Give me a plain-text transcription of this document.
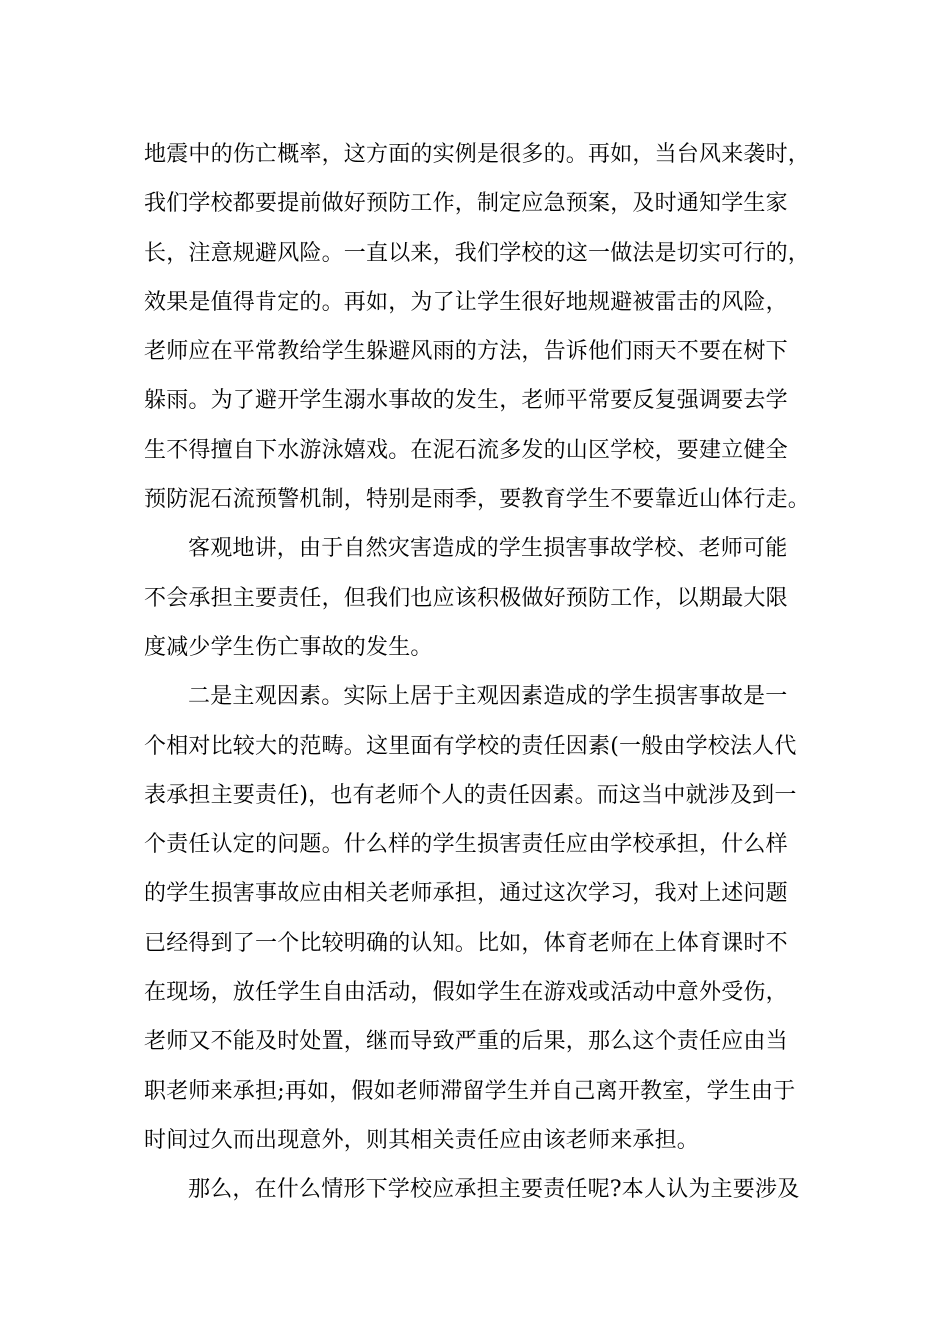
地震中的伤亡概率，这方面的实例是很多的。再如，当台风来袭时，
我们学校都要提前做好预防工作，制定应急预案，及时通知学生家
长，注意规避风险。一直以来，我们学校的这一做法是切实可行的，
效果是值得肯定的。再如，为了让学生很好地规避被雷击的风险，
老师应在平常教给学生躲避风雨的方法，告诉他们雨天不要在树下
躲雨。为了避开学生溺水事故的发生，老师平常要反复强调要去学
生不得擅自下水游泳嬉戏。在泥石流多发的山区学校，要建立健全
预防泥石流预警机制，特别是雨季，要教育学生不要靠近山体行走。
客观地讲，由于自然灾害造成的学生损害事故学校、老师可能
不会承担主要责任，但我们也应该积极做好预防工作，以期最大限
度减少学生伤亡事故的发生。
二是主观因素。实际上居于主观因素造成的学生损害事故是一
个相对比较大的范畴。这里面有学校的责任因素(一般由学校法人代
表承担主要责任)，也有老师个人的责任因素。而这当中就涉及到一
个责任认定的问题。什么样的学生损害责任应由学校承担，什么样
的学生损害事故应由相关老师承担，通过这次学习，我对上述问题
已经得到了一个比较明确的认知。比如，体育老师在上体育课时不
在现场，放任学生自由活动，假如学生在游戏或活动中意外受伤，
老师又不能及时处置，继而导致严重的后果，那么这个责任应由当
职老师来承担;再如，假如老师滞留学生并自己离开教室，学生由于
时间过久而出现意外，则其相关责任应由该老师来承担。
那么，在什么情形下学校应承担主要责任呢?本人认为主要涉及
